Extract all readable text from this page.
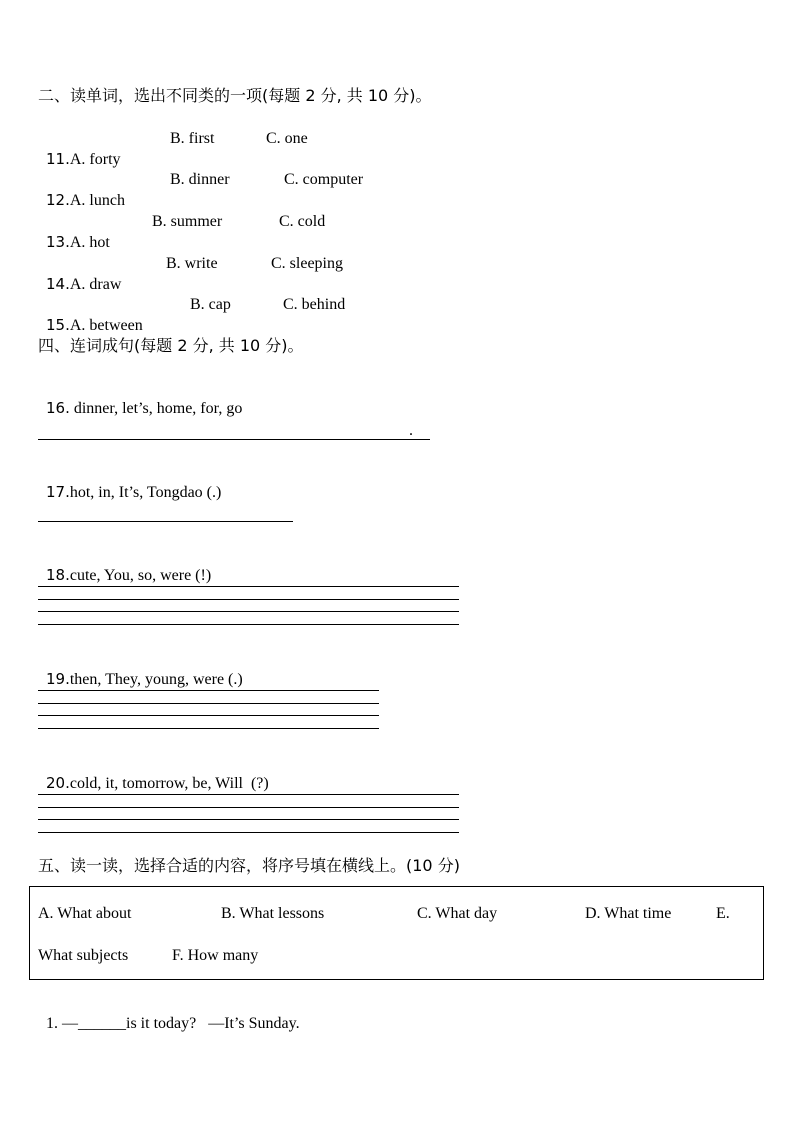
二、读单词，选出不同类的一项(每题 2 分, 共 10 分)。

11.A. forty

B. first	C. one

12.A. lunch

B. dinner	C. computer

13.A. hot

B. summer	C. cold

14.A. draw

B. write	C. sleeping

15.A. between

B. cap	C. behind
四、连词成句(每题 2 分, 共 10 分)。

16. dinner, let’s, home, for, go

.

17.hot, in, It’s, Tongdao (.)

18.cute, You, so, were (!)

19.then, They, young, were (.)

20.cold, it, tomorrow, be, Will  (?)

五、读一读，选择合适的内容，将序号填在横线上。(10 分)
A. What about	B. What lessons	C. What day	D. What time	E.
What subjects	F. How many

1. —______is it today?   —It’s Sunday.
